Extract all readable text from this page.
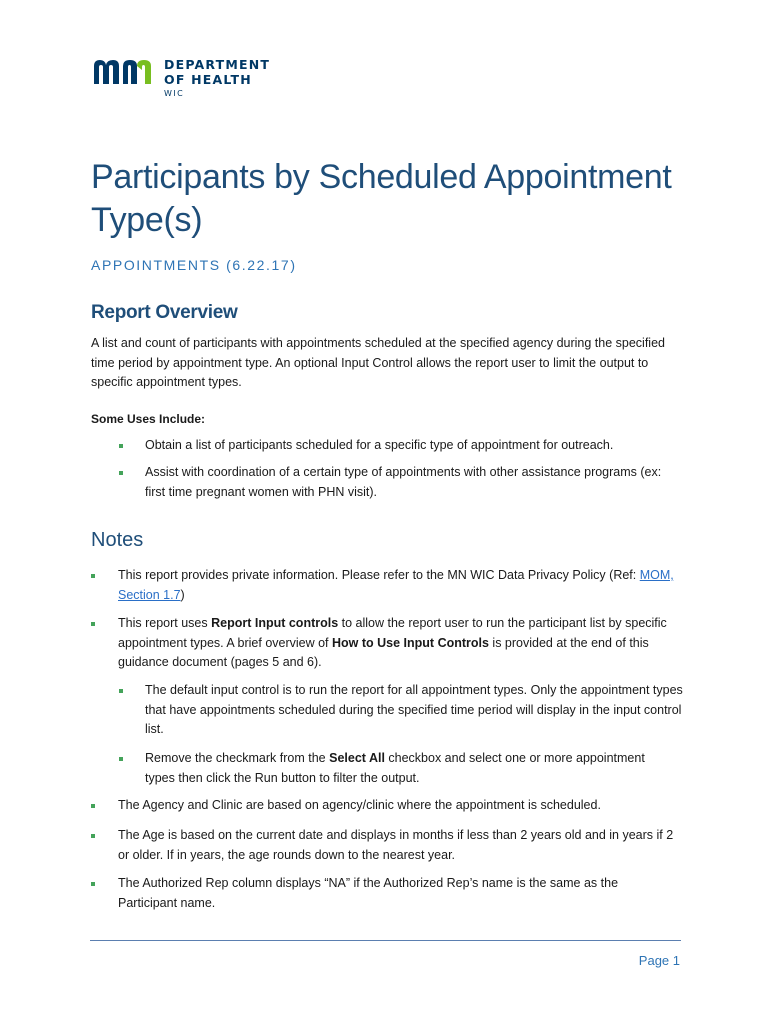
DEPARTMENT
OF HEALTH
WIC
Participants by Scheduled Appointment Type(s)
APPOINTMENTS (6.22.17)
Report Overview
A list and count of participants with appointments scheduled at the specified agency during the specified time period by appointment type. An optional Input Control allows the report user to limit the output to specific appointment types.
Some Uses Include:
Obtain a list of participants scheduled for a specific type of appointment for outreach.
Assist with coordination of a certain type of appointments with other assistance programs (ex: first time pregnant women with PHN visit).
Notes
This report provides private information. Please refer to the MN WIC Data Privacy Policy (Ref: MOM, Section 1.7)
This report uses Report Input controls to allow the report user to run the participant list by specific appointment types. A brief overview of How to Use Input Controls is provided at the end of this guidance document (pages 5 and 6).
The default input control is to run the report for all appointment types. Only the appointment types that have appointments scheduled during the specified time period will display in the input control list.
Remove the checkmark from the Select All checkbox and select one or more appointment types then click the Run button to filter the output.
The Agency and Clinic are based on agency/clinic where the appointment is scheduled.
The Age is based on the current date and displays in months if less than 2 years old and in years if 2 or older. If in years, the age rounds down to the nearest year.
The Authorized Rep column displays “NA” if the Authorized Rep’s name is the same as the Participant name.
Page 1
